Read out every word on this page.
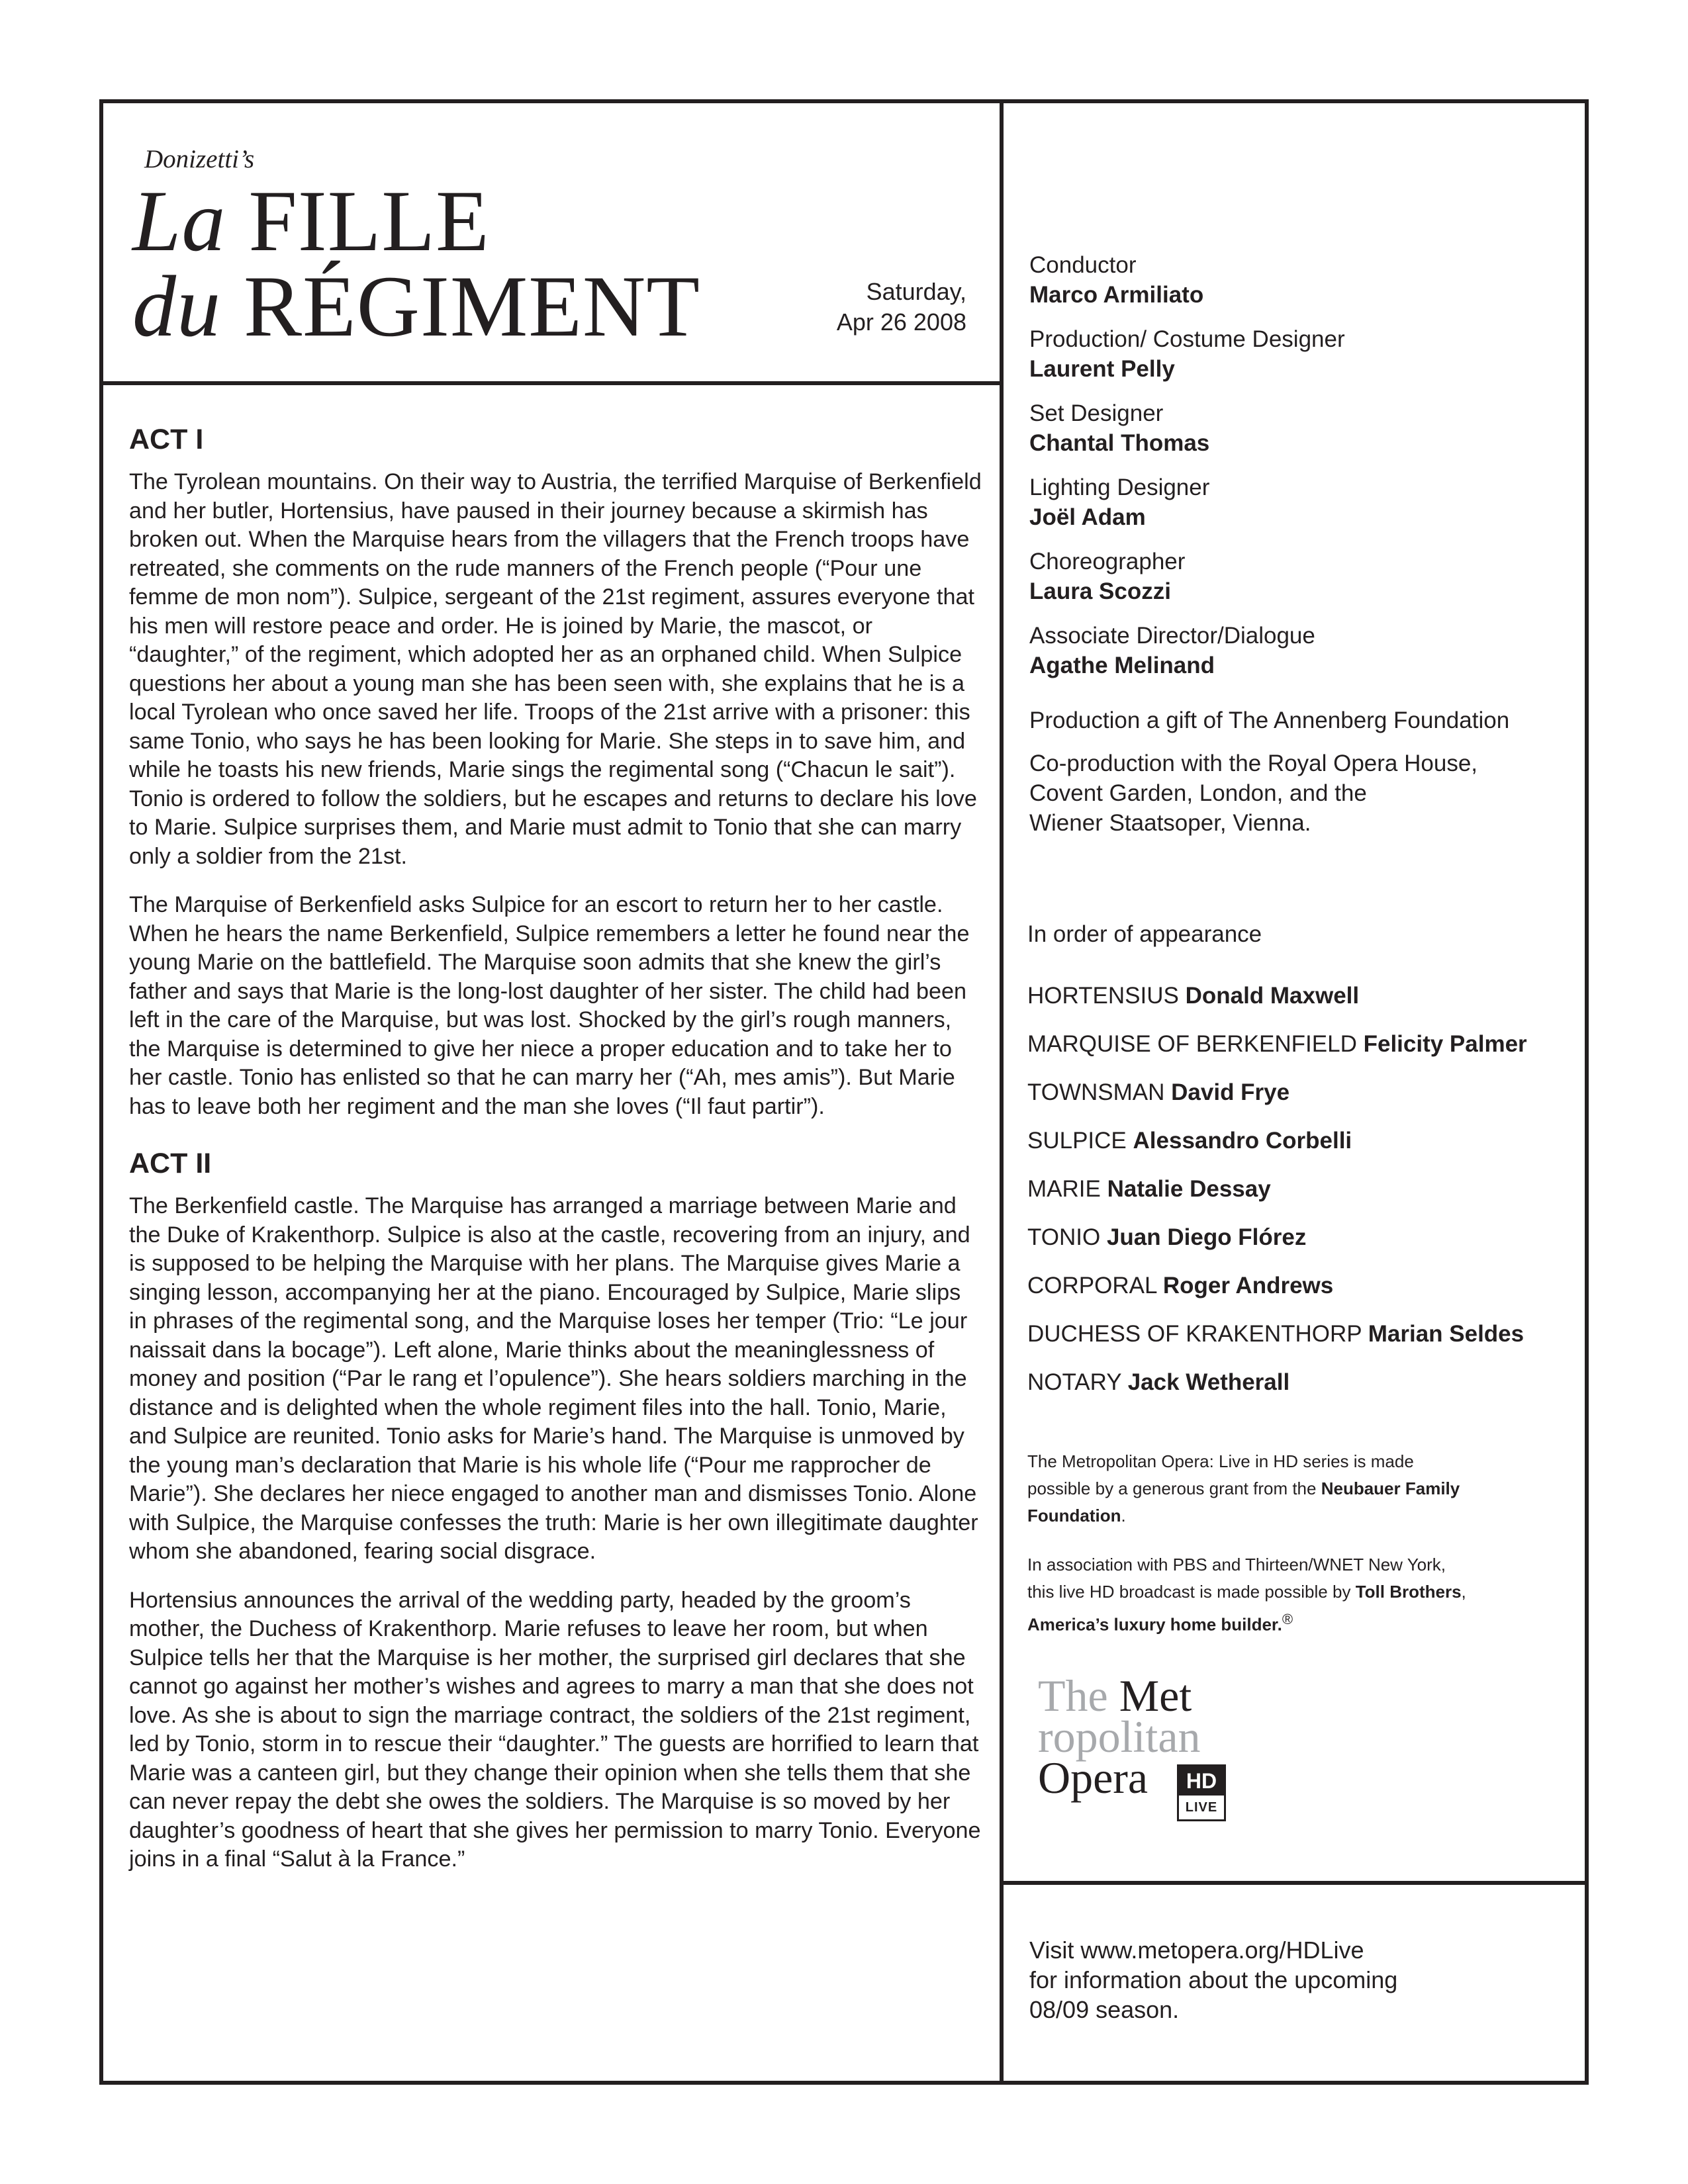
Donizetti’s
La FILLE
du RÉGIMENT	Saturday,
Apr 26 2008
ACT I

The Tyrolean mountains. On their way to Austria, the terrified Marquise of Berkenfield and her butler, Hortensius, have paused in their journey because a skirmish has broken out. When the Marquise hears from the villagers that the French troops have retreated, she comments on the rude manners of the French people (“Pour une femme de mon nom”). Sulpice, sergeant of the 21st regiment, assures everyone that his men will restore peace and order. He is joined by Marie, the mascot, or “daughter,” of the regiment, which adopted her as an orphaned child. When Sulpice questions her about a young man she has been seen with, she explains that he is a local Tyrolean who once saved her life. Troops of the 21st arrive with a prisoner: this same Tonio, who says he has been looking for Marie. She steps in to save him, and while he toasts his new friends, Marie sings the regimental song (“Chacun le sait”). Tonio is ordered to follow the soldiers, but he escapes and returns to declare his love to Marie. Sulpice surprises them, and Marie must admit to Tonio that she can marry only a soldier from the 21st.

The Marquise of Berkenfield asks Sulpice for an escort to return her to her castle. When he hears the name Berkenfield, Sulpice remembers a letter he found near the young Marie on the battlefield. The Marquise soon admits that she knew the girl’s father and says that Marie is the long-lost daughter of her sister. The child had been left in the care of the Marquise, but was lost. Shocked by the girl’s rough manners, the Marquise is determined to give her niece a proper education and to take her to her castle. Tonio has enlisted so that he can marry her (“Ah, mes amis”). But Marie has to leave both her regiment and the man she loves (“Il faut partir”).

ACT II

The Berkenfield castle. The Marquise has arranged a marriage between Marie and the Duke of Krakenthorp. Sulpice is also at the castle, recovering from an injury, and is supposed to be helping the Marquise with her plans. The Marquise gives Marie a singing lesson, accompanying her at the piano. Encouraged by Sulpice, Marie slips in phrases of the regimental song, and the Marquise loses her temper (Trio: “Le jour naissait dans la bocage”). Left alone, Marie thinks about the meaninglessness of money and position (“Par le rang et l’opulence”). She hears soldiers marching in the distance and is delighted when the whole regiment files into the hall. Tonio, Marie, and Sulpice are reunited. Tonio asks for Marie’s hand. The Marquise is unmoved by the young man’s declaration that Marie is his whole life (“Pour me rapprocher de Marie”). She declares her niece engaged to another man and dismisses Tonio. Alone with Sulpice, the Marquise confesses the truth: Marie is her own illegitimate daughter whom she abandoned, fearing social disgrace.

Hortensius announces the arrival of the wedding party, headed by the groom’s mother, the Duchess of Krakenthorp. Marie refuses to leave her room, but when Sulpice tells her that the Marquise is her mother, the surprised girl declares that she cannot go against her mother’s wishes and agrees to marry a man that she does not love. As she is about to sign the marriage contract, the soldiers of the 21st regiment, led by Tonio, storm in to rescue their “daughter.” The guests are horrified to learn that Marie was a canteen girl, but they change their opinion when she tells them that she can never repay the debt she owes the soldiers. The Marquise is so moved by her daughter’s goodness of heart that she gives her permission to marry Tonio. Everyone joins in a final “Salut à la France.”

Conductor
Marco Armiliato
Production/ Costume Designer
Laurent Pelly
Set Designer
Chantal Thomas
Lighting Designer
Joël Adam
Choreographer
Laura Scozzi
Associate Director/Dialogue
Agathe Melinand
Production a gift of The Annenberg Foundation
Co-production with the Royal Opera House,
Covent Garden, London, and the
Wiener Staatsoper, Vienna.
In order of appearance
HORTENSIUS Donald Maxwell
MARQUISE OF BERKENFIELD Felicity Palmer
TOWNSMAN David Frye
SULPICE Alessandro Corbelli
MARIE Natalie Dessay
TONIO Juan Diego Flórez
CORPORAL Roger Andrews
DUCHESS OF KRAKENTHORP Marian Seldes
NOTARY Jack Wetherall
The Metropolitan Opera: Live in HD series is made
possible by a generous grant from the Neubauer Family
Foundation.
In association with PBS and Thirteen/WNET New York,
this live HD broadcast is made possible by Toll Brothers,
America’s luxury home builder.®
The Met
ropolitan
Opera	HD
LIVE
Visit www.metopera.org/HDLive
for information about the upcoming
08/09 season.
